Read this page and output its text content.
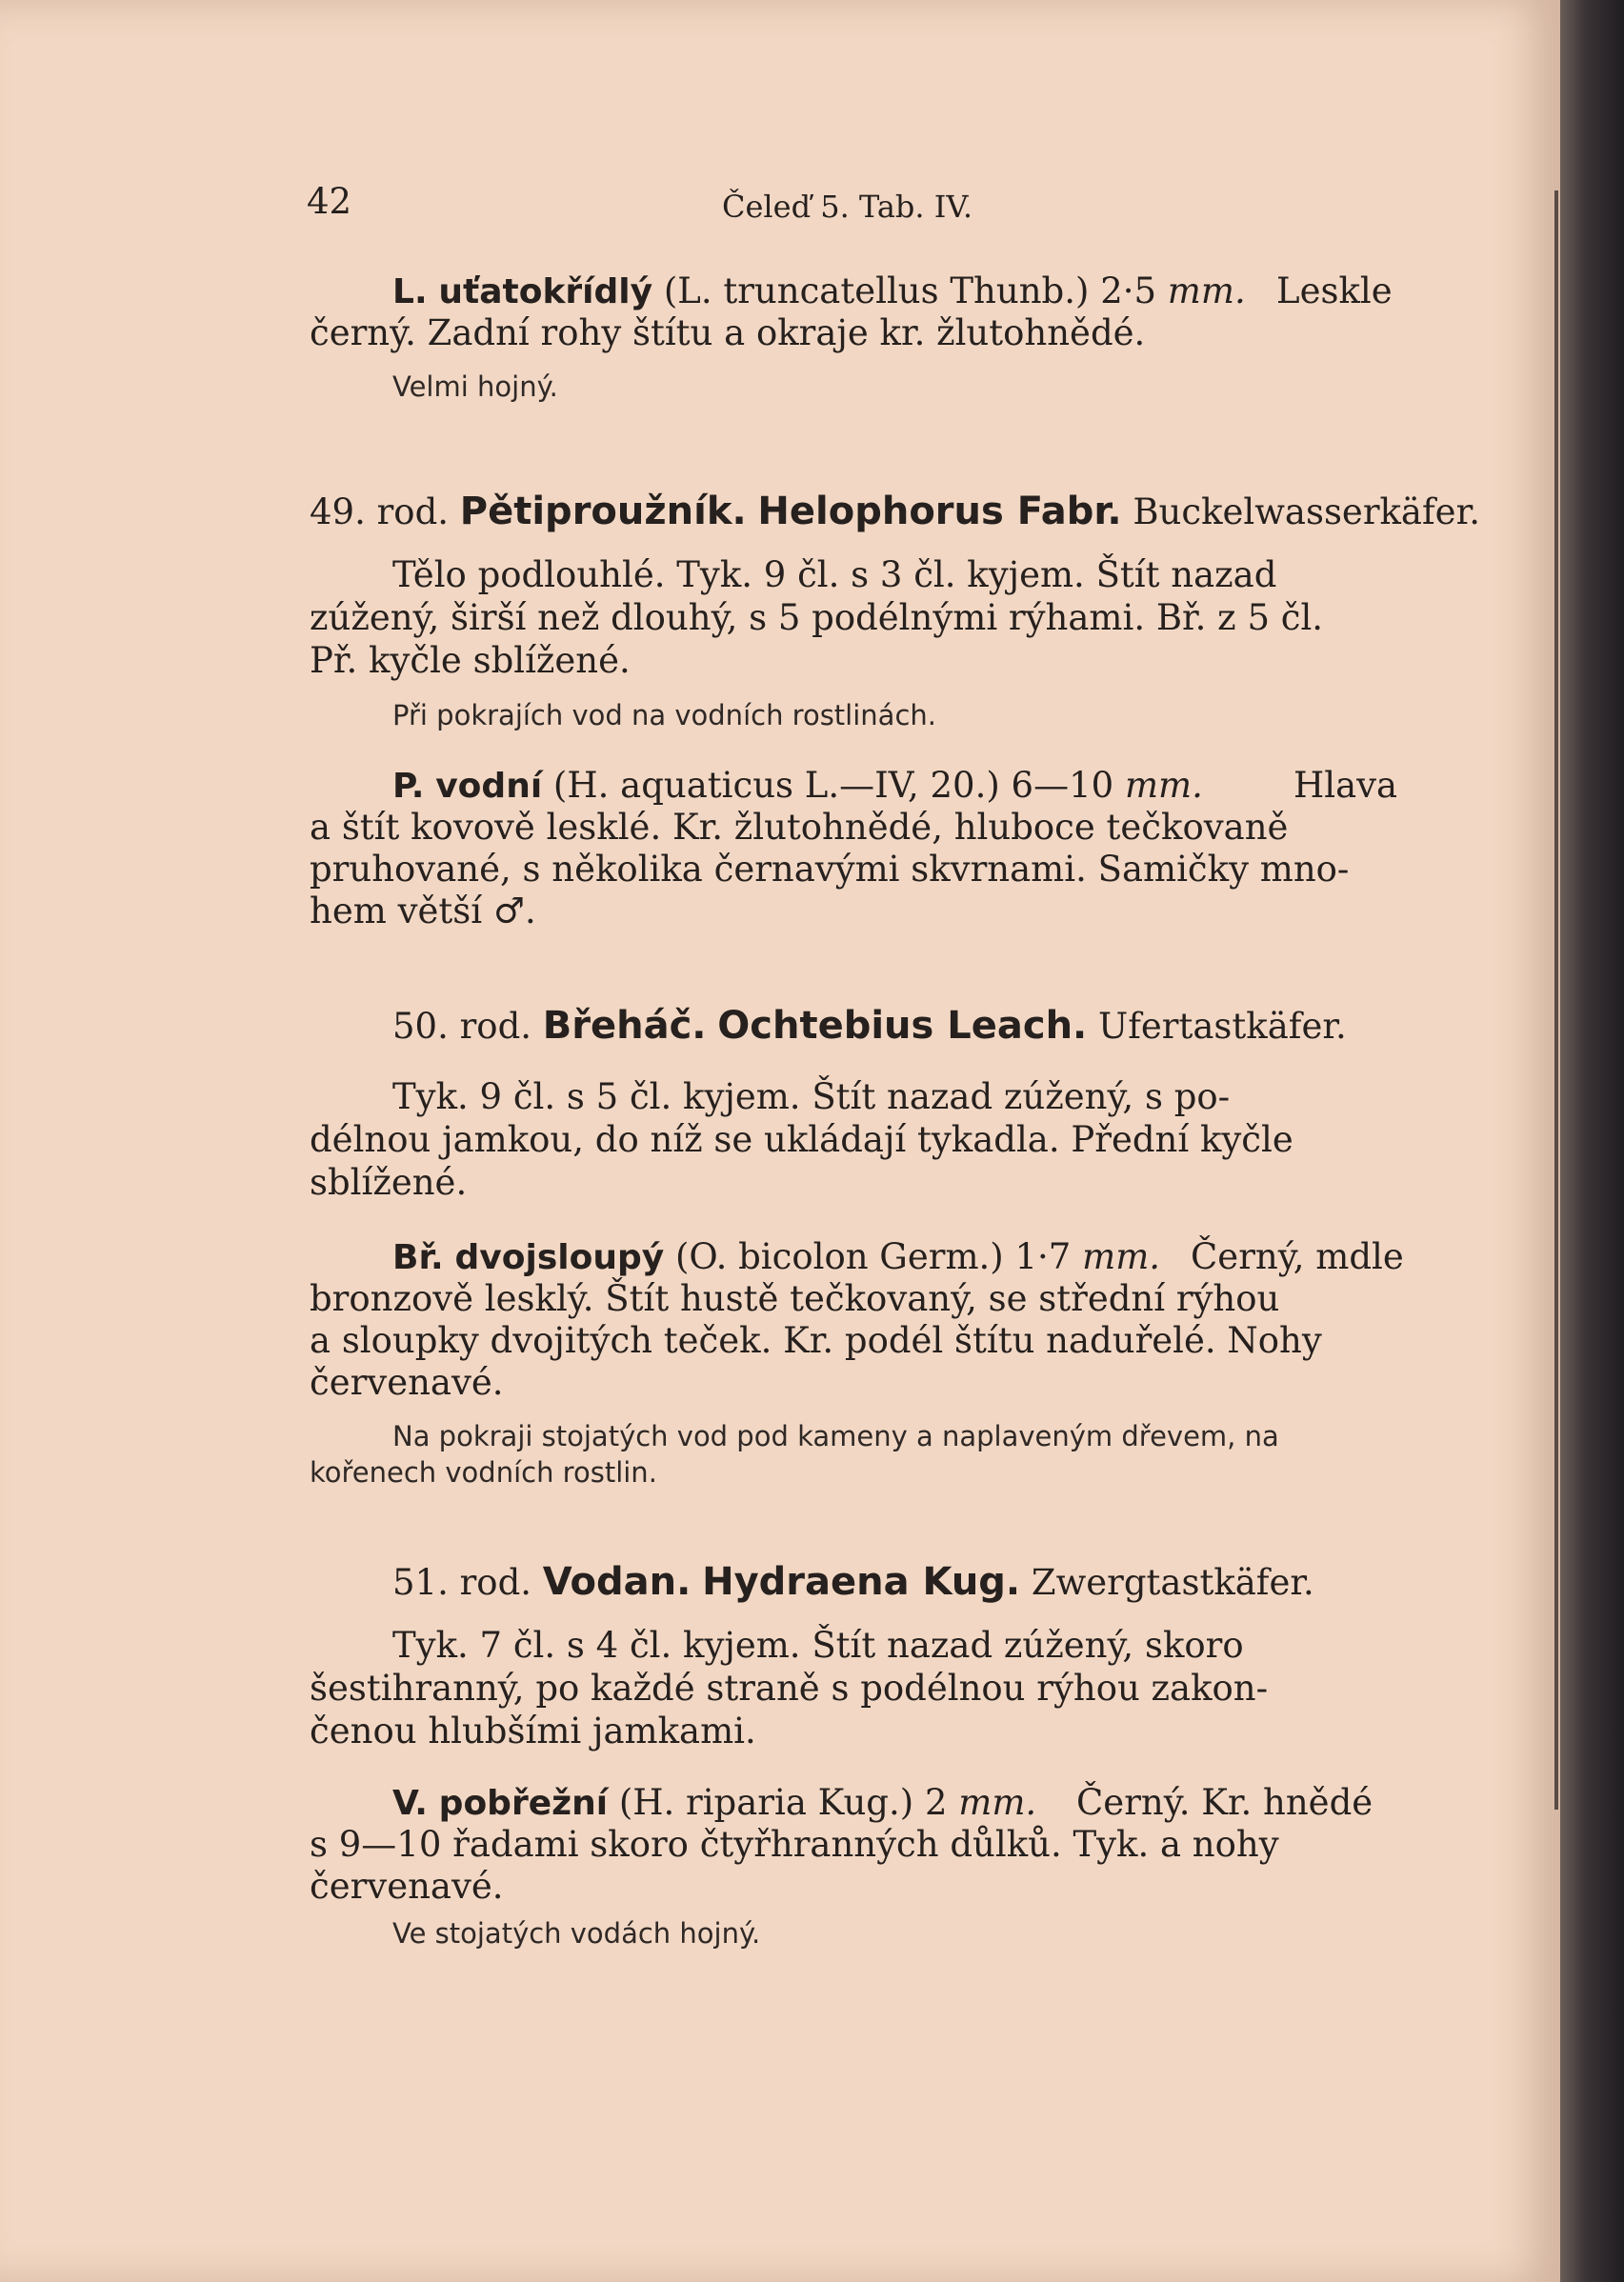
42	Čeleď 5. Tab. IV.
L. uťatokřídlý (L. truncatellus Thunb.) 2·5 mm. Leskle
černý. Zadní rohy štítu a okraje kr. žlutohnědé.
Velmi hojný.
49. rod. Pětiproužník. Helophorus Fabr. Buckelwasserkäfer.
Tělo podlouhlé. Tyk. 9 čl. s 3 čl. kyjem. Štít nazad
zúžený, širší než dlouhý, s 5 podélnými rýhami. Bř. z 5 čl.
Př. kyčle sblížené.
Při pokrajích vod na vodních rostlinách.
P. vodní (H. aquaticus L.—IV, 20.) 6—10 mm.	Hlava
a štít kovově lesklé. Kr. žlutohnědé, hluboce tečkovaně
pruhované, s několika černavými skvrnami. Samičky mno-
hem větší ♂.
50. rod. Břeháč. Ochtebius Leach. Ufertastkäfer.
Tyk. 9 čl. s 5 čl. kyjem. Štít nazad zúžený, s po-
délnou jamkou, do níž se ukládají tykadla. Přední kyčle
sblížené.
Bř. dvojsloupý (O. bicolon Germ.) 1·7 mm. Černý, mdle
bronzově lesklý. Štít hustě tečkovaný, se střední rýhou
a sloupky dvojitých teček. Kr. podél štítu naduřelé. Nohy
červenavé.
Na pokraji stojatých vod pod kameny a naplaveným dřevem, na
kořenech vodních rostlin.
51. rod. Vodan. Hydraena Kug. Zwergtastkäfer.
Tyk. 7 čl. s 4 čl. kyjem. Štít nazad zúžený, skoro
šestihranný, po každé straně s podélnou rýhou zakon-
čenou hlubšími jamkami.
V. pobřežní (H. riparia Kug.) 2 mm. Černý. Kr. hnědé
s 9—10 řadami skoro čtyřhranných důlků. Tyk. a nohy
červenavé.
Ve stojatých vodách hojný.
